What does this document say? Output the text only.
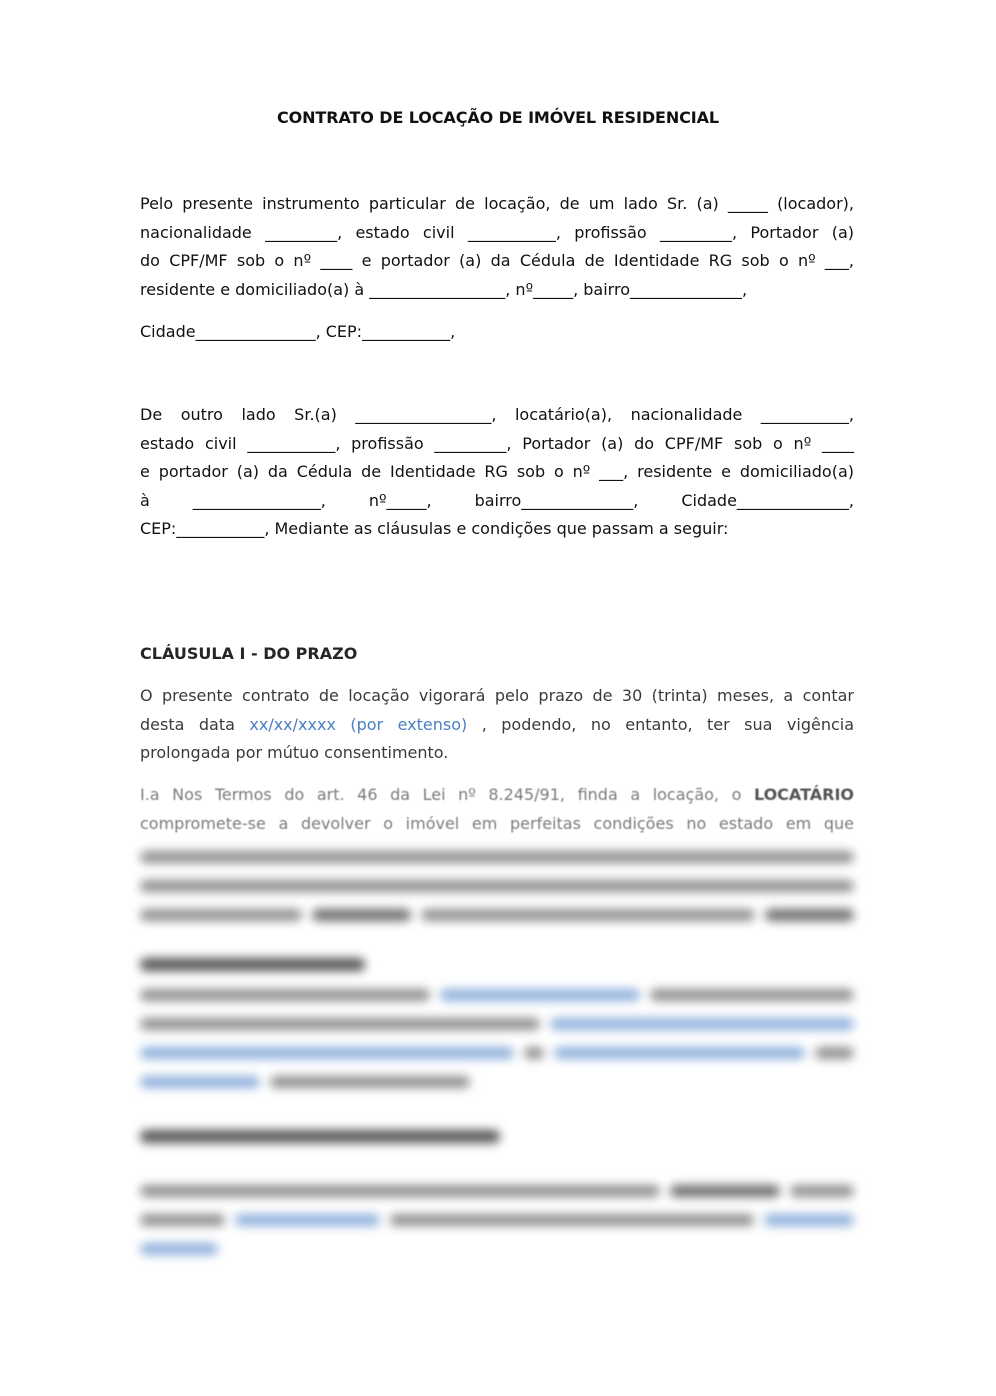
CONTRATO DE LOCAÇÃO DE IMÓVEL RESIDENCIAL
Pelo presente instrumento particular de locação, de um lado Sr. (a) _____ (locador),
nacionalidade _________, estado civil ___________, profissão _________, Portador (a)
do CPF/MF sob o nº ____ e portador (a) da Cédula de Identidade RG sob o nº ___,
residente e domiciliado(a) à _________________, nº_____, bairro______________,
Cidade_______________, CEP:___________,
De outro lado Sr.(a) _________________, locatário(a), nacionalidade ___________,
estado civil ___________, profissão _________, Portador (a) do CPF/MF sob o nº ____
e portador (a) da Cédula de Identidade RG sob o nº ___, residente e domiciliado(a)
à ________________, nº_____, bairro______________, Cidade______________,
CEP:___________, Mediante as cláusulas e condições que passam a seguir:
CLÁUSULA I - DO PRAZO
O presente contrato de locação vigorará pelo prazo de 30 (trinta) meses, a contar
desta data xx/xx/xxxx (por extenso) , podendo, no entanto, ter sua vigência
prolongada por mútuo consentimento.
I.a Nos Termos do art. 46 da Lei nº 8.245/91, finda a locação, o LOCATÁRIO
compromete-se a devolver o imóvel em perfeitas condições no estado em que
